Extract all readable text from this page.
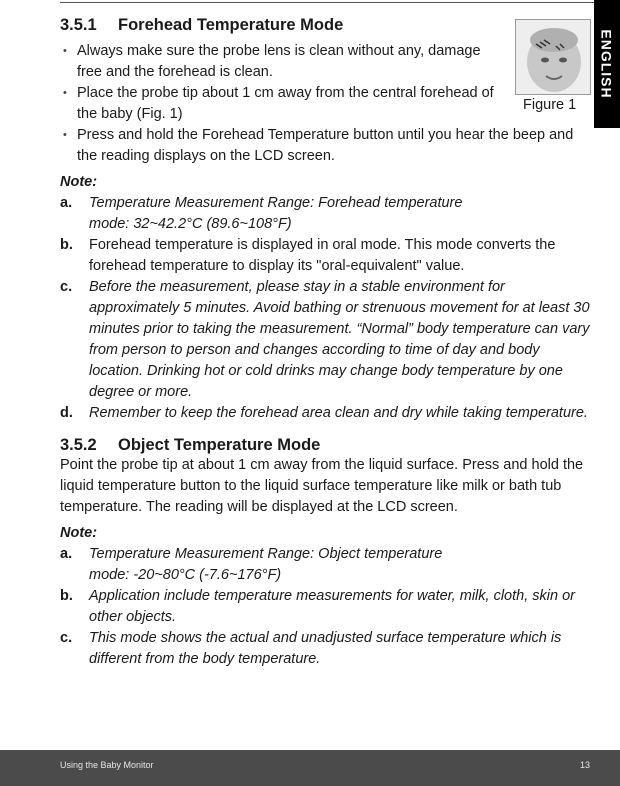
ENGLISH
Figure 1
3.5.1	Forehead Temperature Mode
• Always make sure the probe lens is clean without any, damage free and the forehead is clean.
• Place the probe tip about 1 cm away from the central forehead of the baby (Fig. 1)
• Press and hold the Forehead Temperature button until you hear the beep and the reading displays on the LCD screen.
Note:
a.	Temperature Measurement Range: Forehead temperature mode: 32~42.2°C (89.6~108°F)
b.	Forehead temperature is displayed in oral mode. This mode converts the forehead temperature to display its "oral-equivalent" value.
c.	Before the measurement, please stay in a stable environment for approximately 5 minutes. Avoid bathing or strenuous movement for at least 30 minutes prior to taking the measurement. “Normal” body temperature can vary from person to person and changes according to time of day and body location. Drinking hot or cold drinks may change body temperature by one degree or more.
d.	Remember to keep the forehead area clean and dry while taking temperature.
3.5.2	Object Temperature Mode

Point the probe tip at about 1 cm away from the liquid surface. Press and hold the liquid temperature button to the liquid surface temperature like milk or bath tub temperature. The reading will be displayed at the LCD screen.

Note:
a.	Temperature Measurement Range: Object temperature mode: -20~80°C (-7.6~176°F)
b.	Application include temperature measurements for water, milk, cloth, skin or other objects.
c.	This mode shows the actual and unadjusted surface temperature which is different from the body temperature.
Using the Baby Monitor	13
